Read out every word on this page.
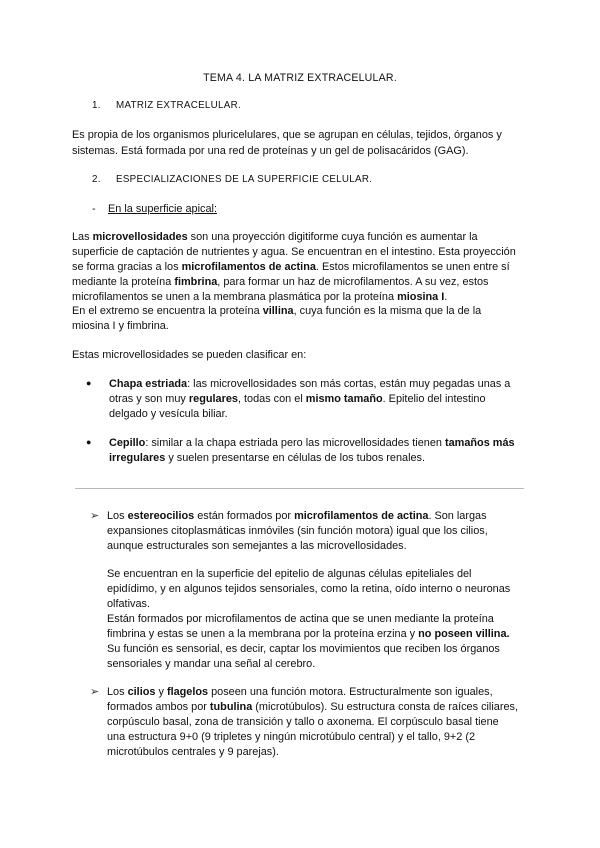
TEMA 4. LA MATRIZ EXTRACELULAR.
1. MATRIZ EXTRACELULAR.

Es propia de los organismos pluricelulares, que se agrupan en células, tejidos, órganos y

sistemas. Está formada por una red de proteínas y un gel de polisacáridos (GAG).

2. ESPECIALIZACIONES DE LA SUPERFICIE CELULAR.
- En la superficie apical:

Las microvellosidades son una proyección digitiforme cuya función es aumentar la

superficie de captación de nutrientes y agua. Se encuentran en el intestino. Esta proyección

se forma gracias a los microfilamentos de actina. Estos microfilamentos se unen entre sí

mediante la proteína fimbrina, para formar un haz de microfilamentos. A su vez, estos

microfilamentos se unen a la membrana plasmática por la proteína miosina I.

En el extremo se encuentra la proteína villina, cuya función es la misma que la de la

miosina I y fimbrina.

Estas microvellosidades se pueden clasificar en:

● Chapa estriada: las microvellosidades son más cortas, están muy pegadas unas a

otras y son muy regulares, todas con el mismo tamaño. Epitelio del intestino

delgado y vesícula biliar.

● Cepillo: similar a la chapa estriada pero las microvellosidades tienen tamaños más

irregulares y suelen presentarse en células de los tubos renales.

➢ Los estereocilios están formados por microfilamentos de actina. Son largas

expansiones citoplasmáticas inmóviles (sin función motora) igual que los cilios,

aunque estructurales son semejantes a las microvellosidades.

Se encuentran en la superficie del epitelio de algunas células epiteliales del

epidídimo, y en algunos tejidos sensoriales, como la retina, oído interno o neuronas

olfativas.

Están formados por microfilamentos de actina que se unen mediante la proteína

fimbrina y estas se unen a la membrana por la proteína erzina y no poseen villina.

Su función es sensorial, es decir, captar los movimientos que reciben los órganos

sensoriales y mandar una señal al cerebro.

➢ Los cilios y flagelos poseen una función motora. Estructuralmente son iguales,

formados ambos por tubulina (microtúbulos). Su estructura consta de raíces ciliares,

corpúsculo basal, zona de transición y tallo o axonema. El corpúsculo basal tiene

una estructura 9+0 (9 tripletes y ningún microtúbulo central) y el tallo, 9+2 (2

microtúbulos centrales y 9 parejas).
